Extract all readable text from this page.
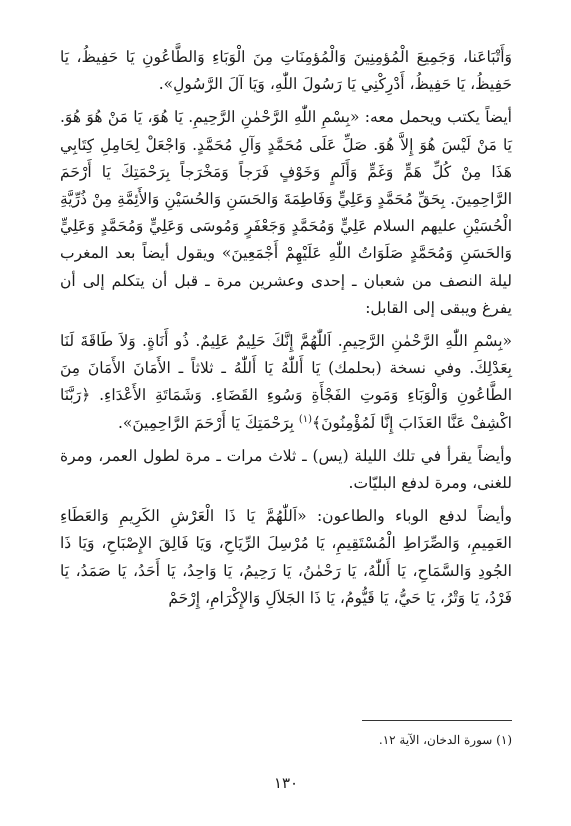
وَأَتْبَاعَنا، وَجَمِيعَ الْمُؤمِنِينَ وَالْمُؤمِنَاتِ مِنَ الْوَبَاءِ وَالطَّاعُونِ يَا حَفِيظُ، يَا حَفِيظُ، يَا حَفِيظُ، أَدْرِكْنِي يَا رَسُولَ اللّٰهِ، وَيَا آلَ الرَّسُولِ».

أيضاً يكتب ويحمل معه: «بِسْمِ اللّٰهِ الرَّحْمٰنِ الرَّحِيمِ. يَا هُوَ، يَا مَنْ هُوَ هُوَ. يَا مَنْ لَيْسَ هُوَ إِلاَّ هُوَ. صَلِّ عَلَى مُحَمَّدٍ وَآلِ مُحَمَّدٍ. وَاجْعَلْ لِحَامِلِ كِتَابِي هَذَا مِنْ كُلِّ هَمٍّ وَغَمٍّ وَأَلَمٍ وَخَوْفٍ فَرَجاً وَمَخْرَجاً بِرَحْمَتِكَ يَا أَرْحَمَ الرَّاحِمِينَ. بِحَقِّ مُحَمَّدٍ وَعَلِيٍّ وَفَاطِمَةَ وَالحَسَنِ وَالحُسَيْنِ وَالأَئِمَّةِ مِنْ ذُرِّيَّةِ الْحُسَيْنِ عليهم السلام عَلِيٍّ وَمُحَمَّدٍ وَجَعْفَرٍ وَمُوسَى وَعَلِيٍّ وَمُحَمَّدٍ وَعَلِيٍّ وَالحَسَنِ وَمُحَمَّدٍ صَلَوَاتُ اللّٰهِ عَلَيْهِمْ أَجْمَعِينَ» ويقول أيضاً بعد المغرب ليلة النصف من شعبان ـ إحدى وعشرين مرة ـ قبل أن يتكلم إلى أن يفرغ ويبقى إلى القابل:

«بِسْمِ اللّٰهِ الرَّحْمٰنِ الرَّحِيمِ. اَللّٰهُمَّ إِنَّكَ حَلِيمٌ عَلِيمٌ. ذُو أَنَاةٍ. وَلاَ طَاقَةَ لَنَا بِعَدْلِكَ. وفي نسخة (بحلمك) يَا أَللّٰهُ يَا أَللّٰهُ ـ ثلاثاً ـ الأَمَانَ الأَمَانَ مِنَ الطَّاعُونِ وَالْوَبَاءِ وَمَوتِ الفَجْأَةِ وَسُوءِ القَضَاءِ. وَشَمَاتَةِ الأَعْدَاءِ. ﴿رَبَّنَا اكْشِفْ عَنَّا العَذَابَ إِنَّا لَمُؤْمِنُونَ﴾$^{(١)}$ بِرَحْمَتِكَ يَا أَرْحَمَ الرَّاحِمِينَ».

وأيضاً يقرأ في تلك الليلة (يس) ـ ثلاث مرات ـ مرة لطول العمر، ومرة للغنى، ومرة لدفع البليّات.

وأيضاً لدفع الوباء والطاعون: «اَللّٰهُمَّ يَا ذَا الْعَرْشِ الكَرِيمِ وَالعَطَاءِ العَمِيمِ، وَالصِّرَاطِ الْمُسْتَقِيمِ، يَا مُرْسِلَ الرِّيَاحِ، وَيَا فَالِقَ الإِصْبَاحِ، وَيَا ذَا الجُودِ وَالسَّمَاحِ، يَا أَللّٰهُ، يَا رَحْمٰنُ، يَا رَحِيمُ، يَا وَاحِدُ، يَا أَحَدُ، يَا صَمَدُ، يَا فَرْدُ، يَا وَتْرُ، يَا حَيُّ، يَا قَيُّومُ، يَا ذَا الجَلاَلِ وَالإِكْرَامِ، إِرْحَمْ

(١) سورة الدخان، الآية ١٢.

١٣٠
